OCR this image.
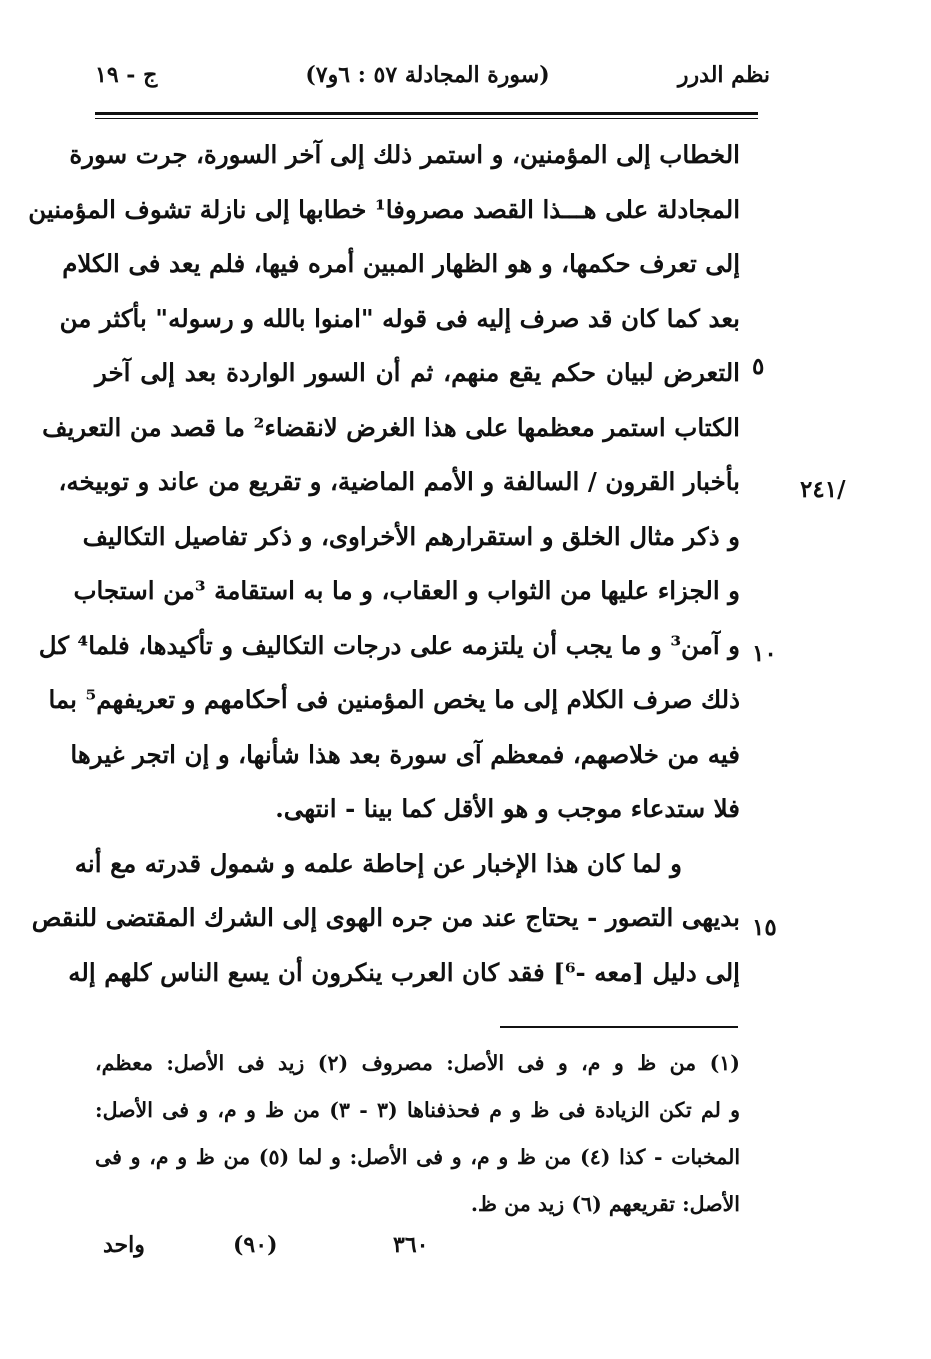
نظم الدرر
(سورة المجادلة ٥٧ : ٦و٧)
ج - ١٩
الخطاب إلى المؤمنين، و استمر ذلك إلى آخر السورة، جرت سورة
المجادلة على هـــذا القصد مصروفا¹ خطابها إلى نازلة تشوف المؤمنين
إلى تعرف حكمها، و هو الظهار المبين أمره فيها، فلم يعد فى الكلام
بعد كما كان قد صرف إليه فى قوله "امنوا بالله و رسوله" بأكثر من
التعرض لبيان حكم يقع منهم، ثم أن السور الواردة بعد إلى آخر
الكتاب استمر معظمها على هذا الغرض لانقضاء² ما قصد من التعريف
بأخبار القرون / السالفة و الأمم الماضية، و تقريع من عاند و توبيخه،
و ذكر مثال الخلق و استقرارهم الأخراوى، و ذكر تفاصيل التكاليف
و الجزاء عليها من الثواب و العقاب، و ما به استقامة ³من استجاب
و آمن³ و ما يجب أن يلتزمه على درجات التكاليف و تأكيدها، فلما⁴ كل
ذلك صرف الكلام إلى ما يخص المؤمنين فى أحكامهم و تعريفهم⁵ بما
فيه من خلاصهم، فمعظم آى سورة بعد هذا شأنها، و إن اتجر غيرها
فلا ستدعاء موجب و هو الأقل كما بينا - انتهى.
و لما كان هذا الإخبار عن إحاطة علمه و شمول قدرته مع أنه
بديهى التصور - يحتاج عند من جره الهوى إلى الشرك المقتضى للنقص
إلى دليل [معه -⁶] فقد كان العرب ينكرون أن يسع الناس كلهم إله
٥
١٠
١٥
/٢٤١
(١) من ظ و م، و فى الأصل: مصروف (٢) زيد فى الأصل: معظم،
و لم تكن الزيادة فى ظ و م فحذفناها (٣ - ٣) من ظ و م، و فى الأصل:
المخبات - كذا (٤) من ظ و م، و فى الأصل: و لما (٥) من ظ و م، و فى
الأصل: تقريعهم (٦) زيد من ظ.
٣٦٠
(٩٠)
واحد
